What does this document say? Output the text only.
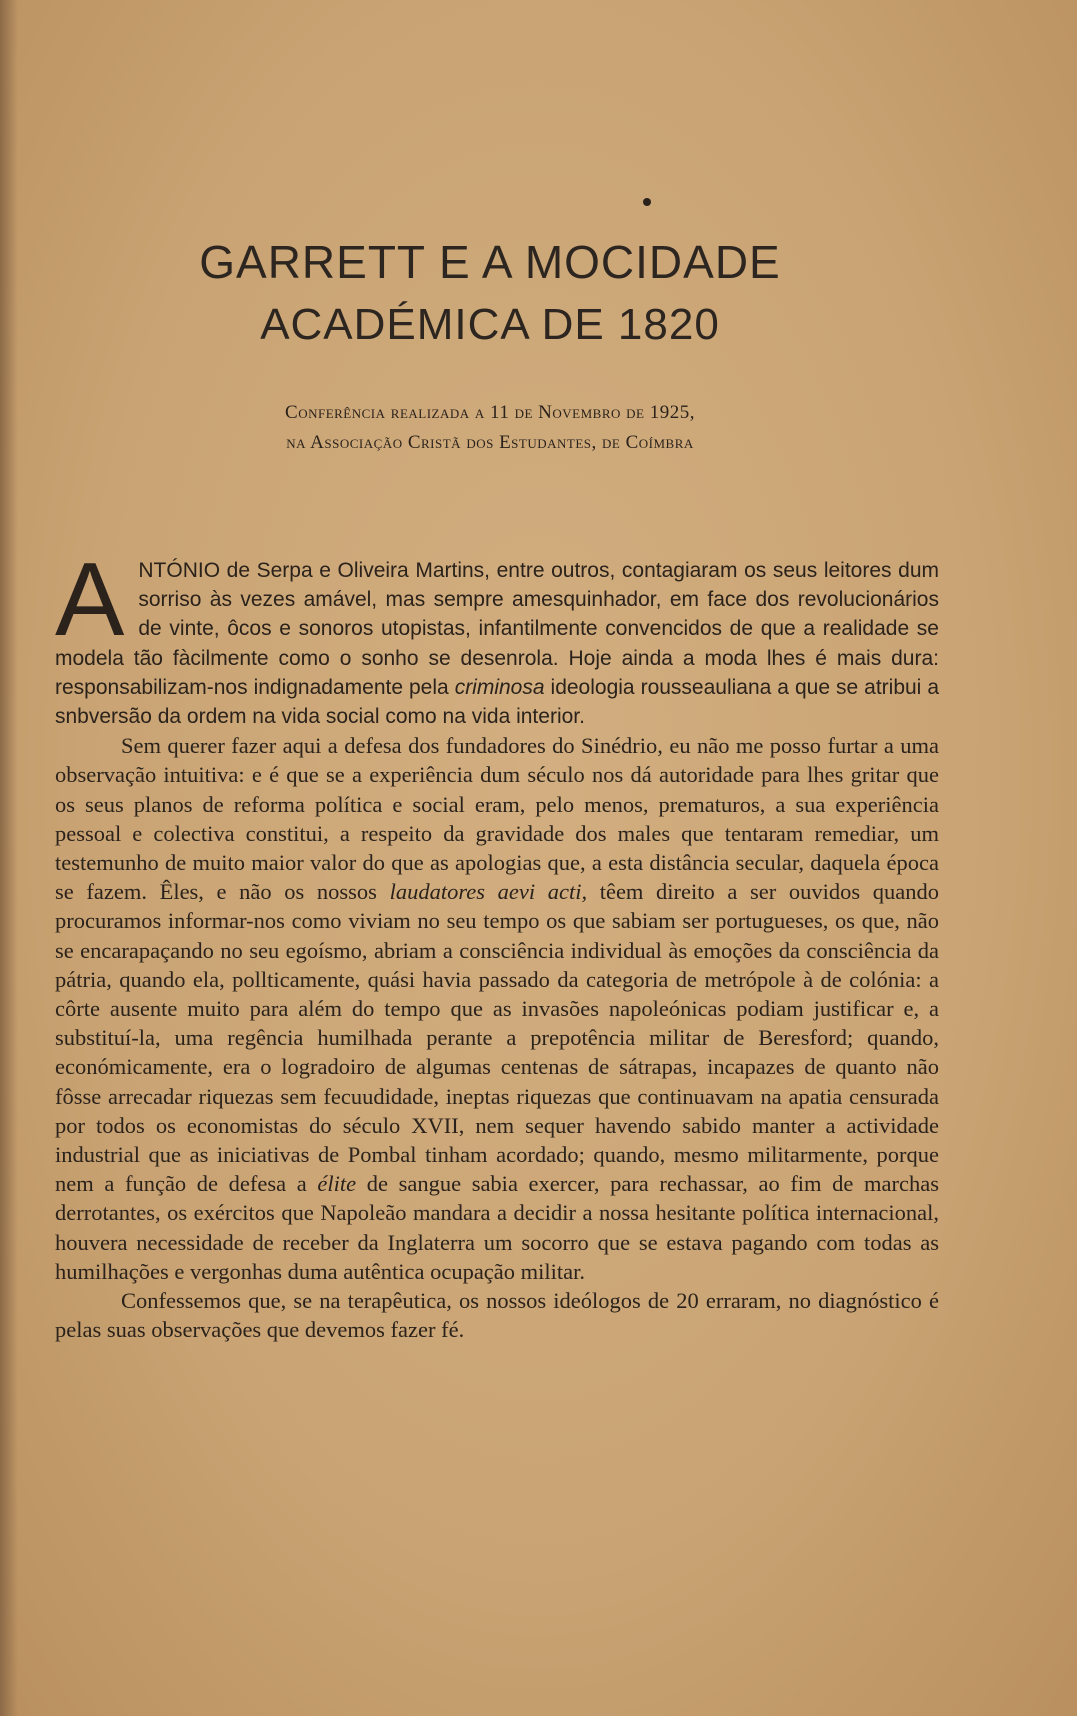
GARRETT E A MOCIDADE
ACADÉMICA DE 1820

Conferência realizada a 11 de Novembro de 1925,

na Associação Cristã dos Estudantes, de Coímbra

ANTÓNIO de Serpa e Oliveira Martins, entre outros, contagiaram os seus leitores dum sorriso às vezes amável, mas sempre amesquinhador, em face dos revolucionários de vinte, ôcos e sonoros utopistas, infantilmente convencidos de que a realidade se modela tão fàcilmente como o sonho se desenrola. Hoje ainda a moda lhes é mais dura: responsabilizam-nos indignadamente pela criminosa ideologia rousseauliana a que se atribui a snbversão da ordem na vida social como na vida interior.

Sem querer fazer aqui a defesa dos fundadores do Sinédrio, eu não me posso furtar a uma observação intuitiva: e é que se a experiência dum século nos dá autoridade para lhes gritar que os seus planos de reforma política e social eram, pelo menos, prematuros, a sua experiência pessoal e colectiva constitui, a respeito da gravidade dos males que tentaram remediar, um testemunho de muito maior valor do que as apologias que, a esta distância secular, daquela época se fazem. Êles, e não os nossos laudatores aevi acti, têem direito a ser ouvidos quando procuramos informar-nos como viviam no seu tempo os que sabiam ser portugueses, os que, não se encarapaçando no seu egoísmo, abriam a consciência individual às emoções da consciência da pátria, quando ela, pollticamente, quási havia passado da categoria de metrópole à de colónia: a côrte ausente muito para além do tempo que as invasões napoleónicas podiam justificar e, a substituí-la, uma regência humilhada perante a prepotência militar de Beresford; quando, económicamente, era o logradoiro de algumas centenas de sátrapas, incapazes de quanto não fôsse arrecadar riquezas sem fecuudidade, ineptas riquezas que continuavam na apatia censurada por todos os economistas do século XVII, nem sequer havendo sabido manter a actividade industrial que as iniciativas de Pombal tinham acordado; quando, mesmo militarmente, porque nem a função de defesa a élite de sangue sabia exercer, para rechassar, ao fim de marchas derrotantes, os exércitos que Napoleão mandara a decidir a nossa hesitante política internacional, houvera necessidade de receber da Inglaterra um socorro que se estava pagando com todas as humilhações e vergonhas duma autêntica ocupação militar.

Confessemos que, se na terapêutica, os nossos ideólogos de 20 erraram, no diagnóstico é pelas suas observações que devemos fazer fé.
